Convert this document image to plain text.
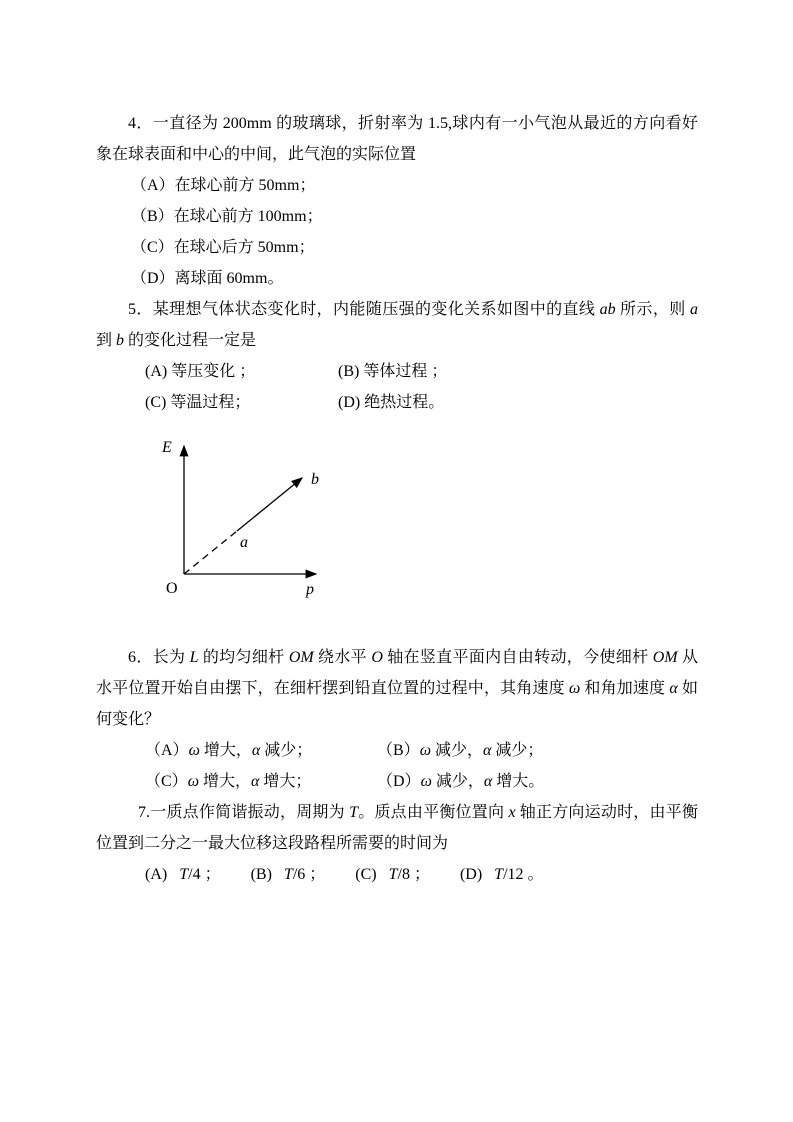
4．一直径为 200mm 的玻璃球，折射率为 1.5,球内有一小气泡从最近的方向看好象在球表面和中心的中间，此气泡的实际位置

（A）在球心前方 50mm；

（B）在球心前方 100mm；

（C）在球心后方 50mm；

（D）离球面 60mm。

5．某理想气体状态变化时，内能随压强的变化关系如图中的直线 ab 所示，则 a 到 b 的变化过程一定是

(A) 等压变化 ；	(B) 等体过程 ；

(C) 等温过程；	(D) 绝热过程。

E
O	p
a
b

6．长为 L 的均匀细杆 OM 绕水平 O 轴在竖直平面内自由转动，今使细杆 OM 从水平位置开始自由摆下，在细杆摆到铅直位置的过程中，其角速度 ω 和角加速度 α 如何变化？

（A）ω 增大，α 减少；	（B）ω 减少，α 减少；

（C）ω 增大，α 增大；	（D）ω 减少，α 增大。

7.一质点作简谐振动，周期为 T。质点由平衡位置向 x 轴正方向运动时，由平衡位置到二分之一最大位移这段路程所需要的时间为

(A)   T/4 ； (B)   T/6 ； (C)   T/8 ； (D)   T/12 。
